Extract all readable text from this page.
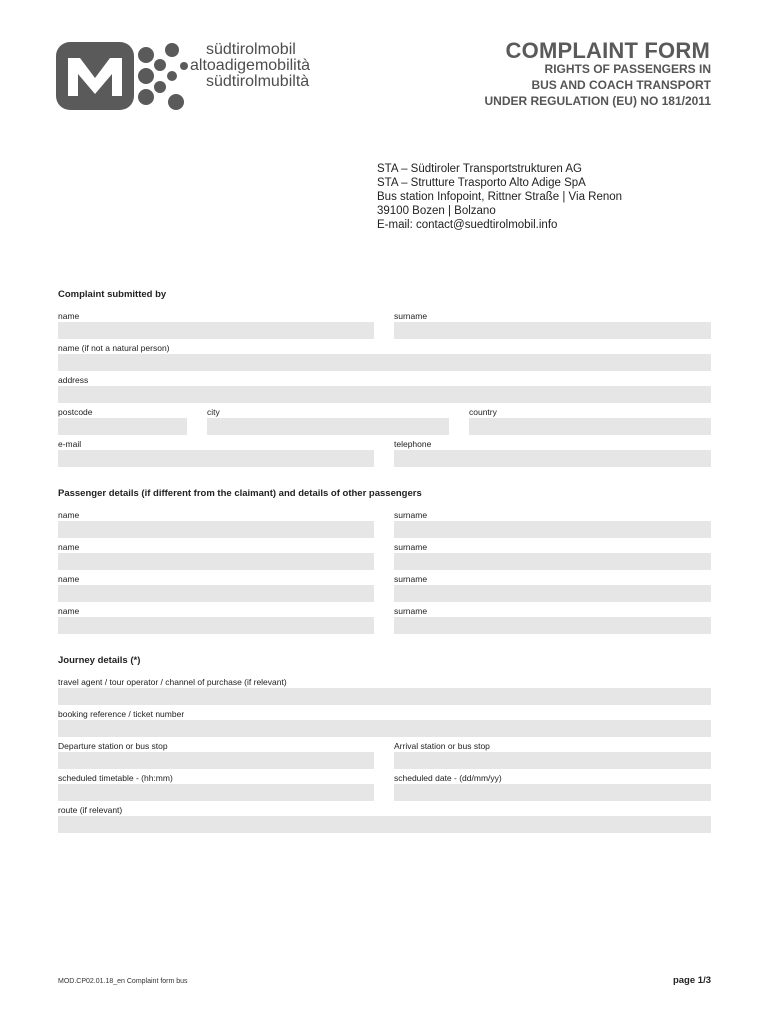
südtirolmobil
altoadigemobilità
südtirolmubiltà
COMPLAINT FORM
RIGHTS OF PASSENGERS IN
BUS AND COACH TRANSPORT
UNDER REGULATION (EU) NO 181/2011
STA – Südtiroler Transportstrukturen AG
STA – Strutture Trasporto Alto Adige SpA
Bus station Infopoint, Rittner Straße | Via Renon
39100 Bozen | Bolzano
E-mail: contact@suedtirolmobil.info
Complaint submitted by
name	surname
name (if not a natural person)
address
postcode	city	country
e-mail	telephone
Passenger details (if different from the claimant) and details of other passengers
name	surname
name	surname
name	surname
name	surname
Journey details (*)
travel agent / tour operator / channel of purchase (if relevant)
booking reference / ticket number
Departure station or bus stop	Arrival station or bus stop
scheduled timetable - (hh:mm)	scheduled date - (dd/mm/yy)
route (if relevant)
MOD.CP02.01.18_en Complaint form bus	page 1/3
